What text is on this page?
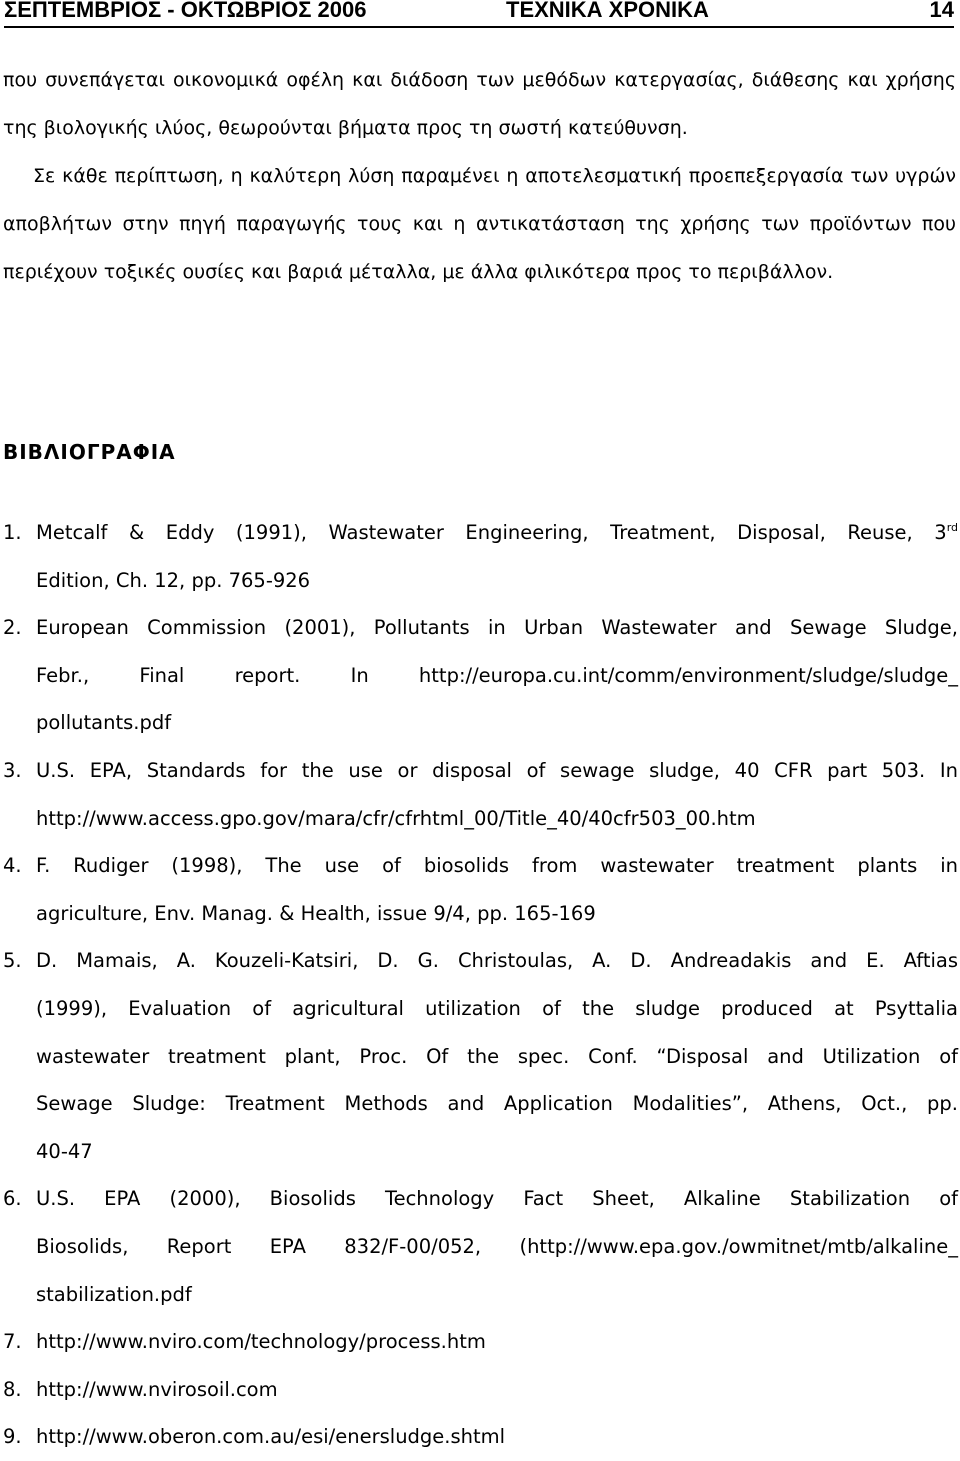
ΣΕΠΤΕΜΒΡΙΟΣ - ΟΚΤΩΒΡΙΟΣ 2006	ΤΕΧΝΙΚΑ ΧΡΟΝΙΚΑ	14

που συνεπάγεται οικονομικά οφέλη και διάδοση των μεθόδων κατεργασίας, διάθεσης και χρήσης της βιολογικής ιλύος, θεωρούνται βήματα προς τη σωστή κατεύθυνση.

Σε κάθε περίπτωση, η καλύτερη λύση παραμένει η αποτελεσματική προεπεξεργασία των υγρών αποβλήτων στην πηγή παραγωγής τους και η αντικατάσταση της χρήσης των προϊόντων που περιέχουν τοξικές ουσίες και βαριά μέταλλα, με άλλα φιλικότερα προς το περιβάλλον.

ΒΙΒΛΙΟΓΡΑΦΙΑ
1. Metcalf & Eddy (1991), Wastewater Engineering, Treatment, Disposal, Reuse, 3rd
Edition, Ch. 12, pp. 765-926
2. European Commission (2001), Pollutants in Urban Wastewater and Sewage Sludge,
Febr., Final report. In http://europa.cu.int/comm/environment/sludge/sludge_
pollutants.pdf
3. U.S. EPA, Standards for the use or disposal of sewage sludge, 40 CFR part 503. In
http://www.access.gpo.gov/mara/cfr/cfrhtml_00/Title_40/40cfr503_00.htm
4. F. Rudiger (1998), The use of biosolids from wastewater treatment plants in
agriculture, Env. Manag. & Health, issue 9/4, pp. 165-169
5. D. Mamais, A. Kouzeli-Katsiri, D. G. Christoulas, A. D. Andreadakis and E. Aftias
(1999), Evaluation of agricultural utilization of the sludge produced at Psyttalia
wastewater treatment plant, Proc. Of the spec. Conf. “Disposal and Utilization of
Sewage Sludge: Treatment Methods and Application Modalities”, Athens, Oct., pp.
40-47
6. U.S. EPA (2000), Biosolids Technology Fact Sheet, Alkaline Stabilization of
Biosolids, Report EPA 832/F-00/052, (http://www.epa.gov./owmitnet/mtb/alkaline_
stabilization.pdf
7. http://www.nviro.com/technology/process.htm
8. http://www.nvirosoil.com
9. http://www.oberon.com.au/esi/enersludge.shtml
